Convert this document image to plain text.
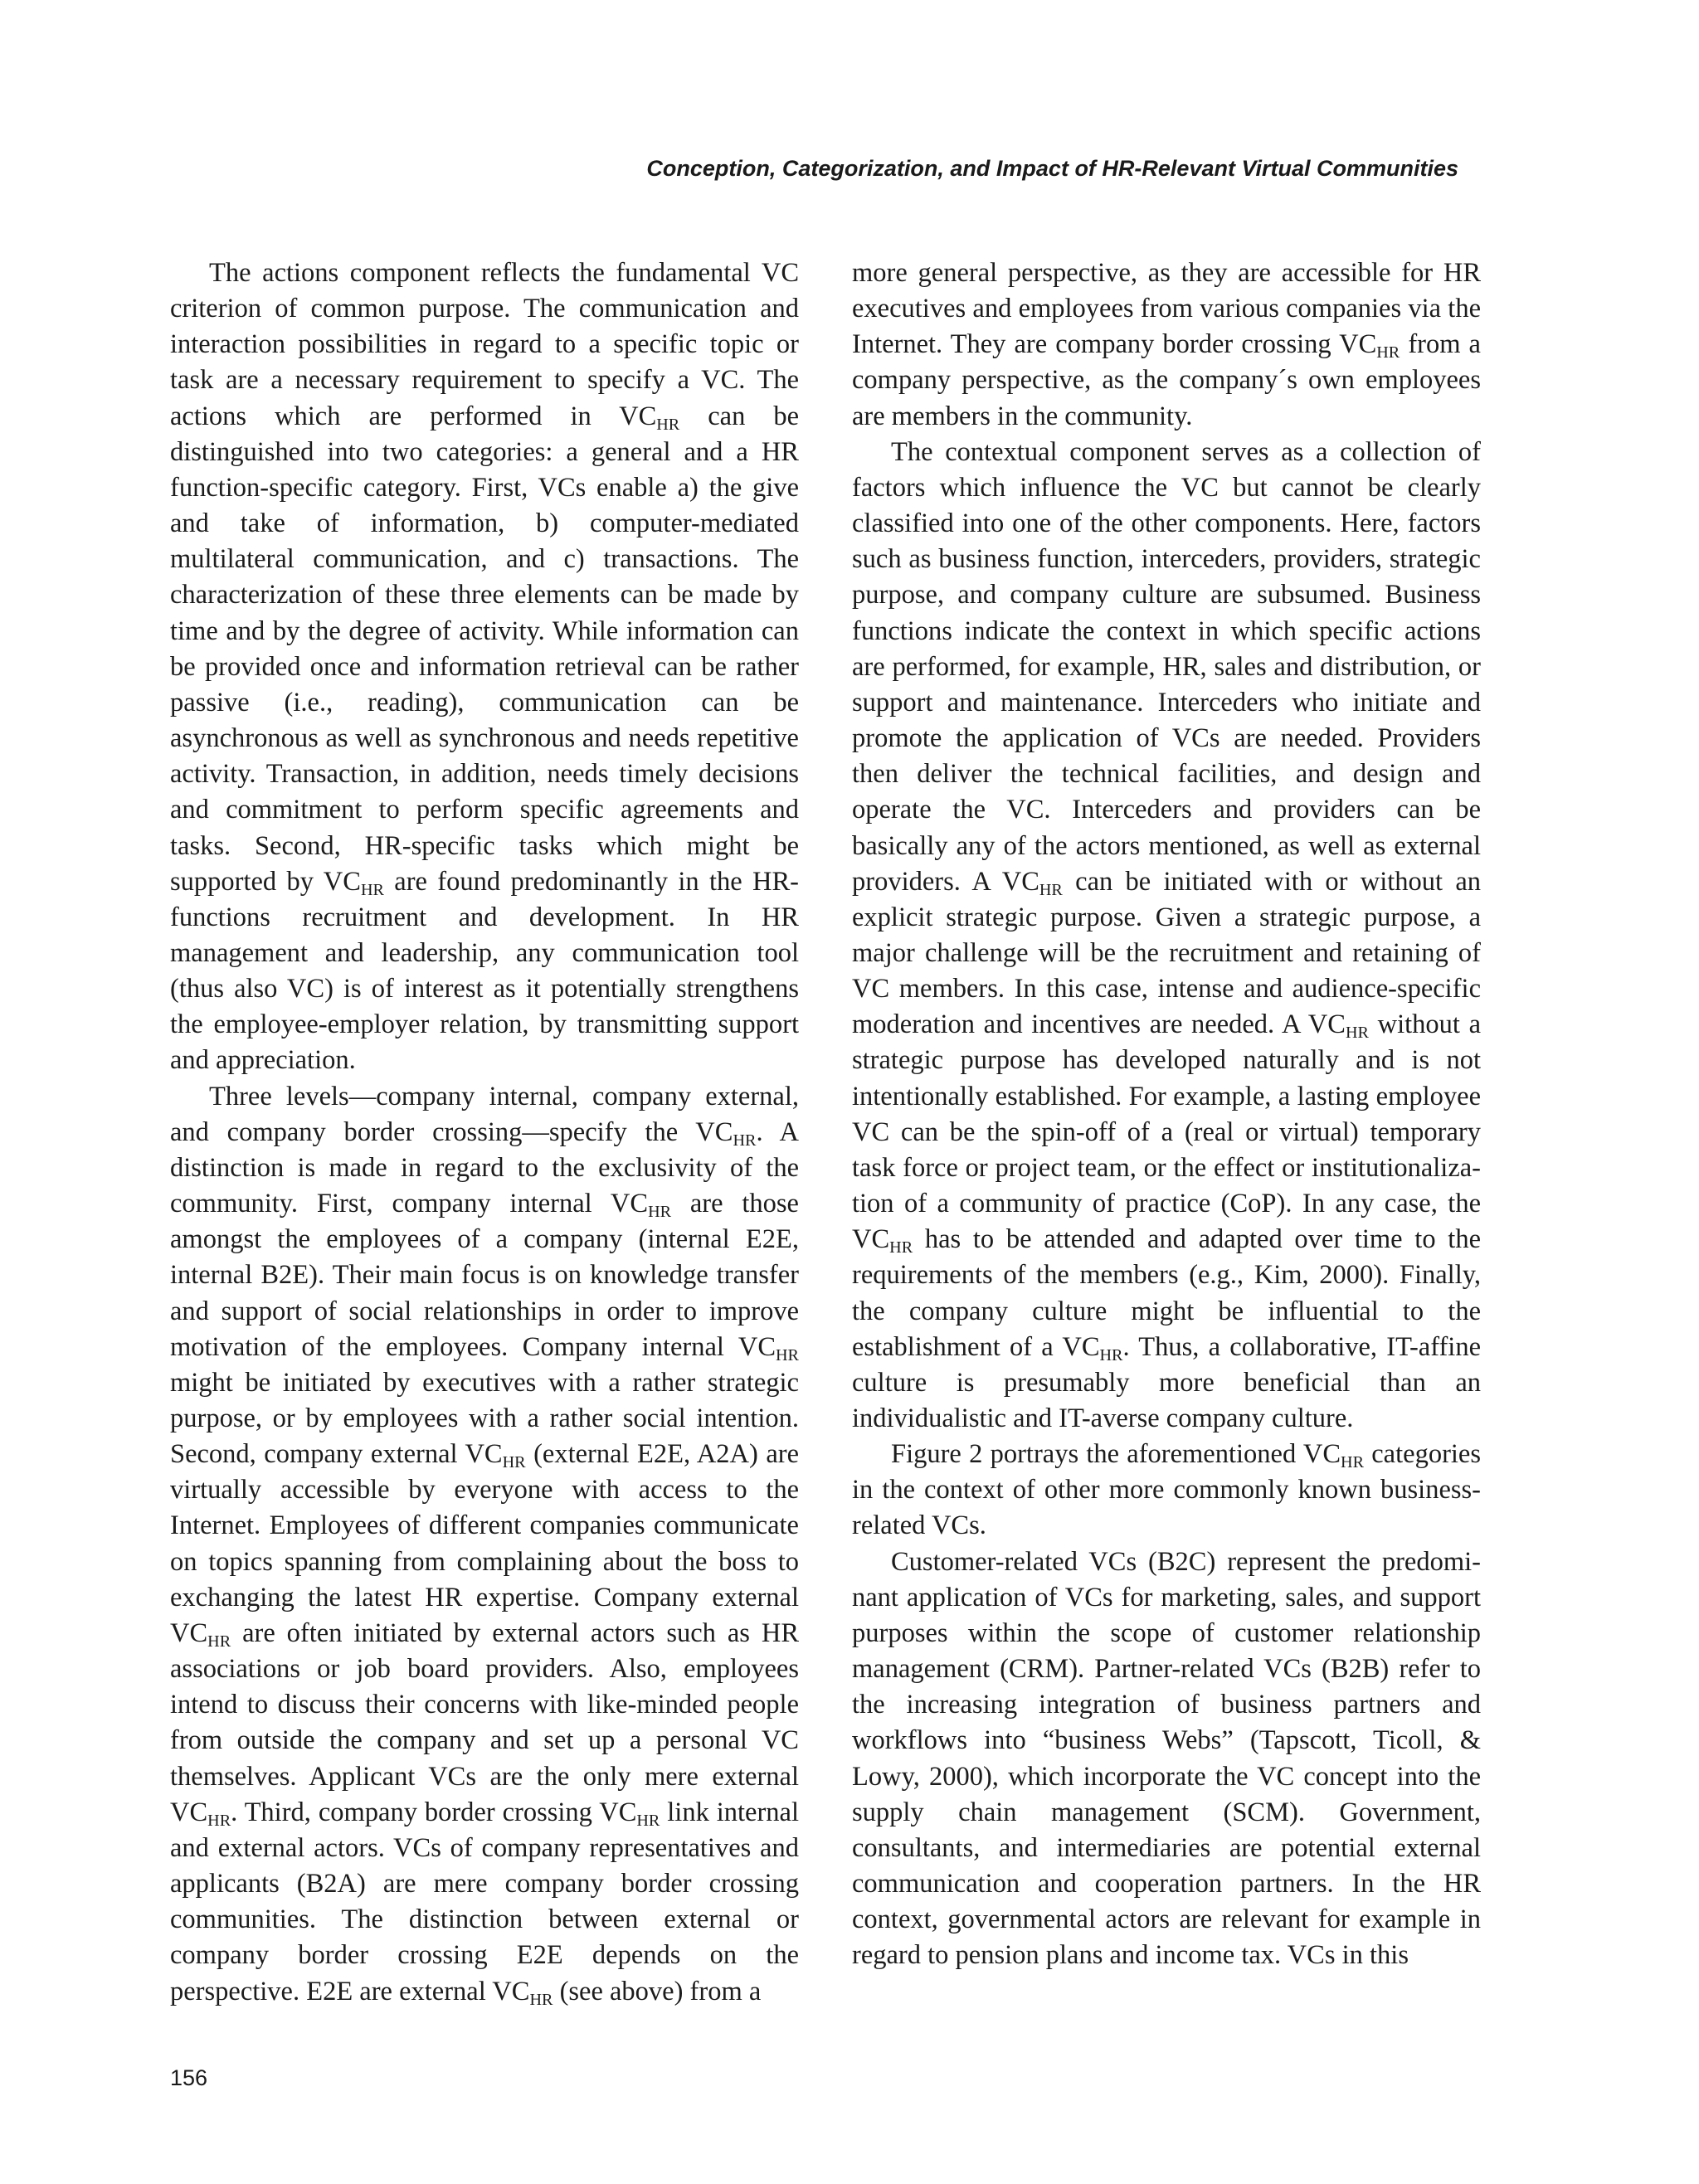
Conception, Categorization, and Impact of HR-Relevant Virtual Communities

The actions component reflects the fundamental VC criterion of common purpose. The communication and interaction possibilities in regard to a specific topic or task are a necessary requirement to specify a VC. The actions which are performed in $VC_{HR}$ can be distinguished into two categories: a general and a HR function-specific category. First, VCs enable a) the give and take of information, b) computer-mediated multilateral communication, and c) transactions. The characterization of these three elements can be made by time and by the degree of activity. While information can be provided once and information retrieval can be rather passive (i.e., reading), communication can be asynchronous as well as synchronous and needs repetitive activity. Transaction, in addition, needs timely decisions and commitment to perform specific agreements and tasks. Second, HR-specific tasks which might be supported by $VC_{HR}$ are found predominantly in the HR-functions recruitment and development. In HR management and leadership, any communication tool (thus also VC) is of interest as it potentially strengthens the employee-employer relation, by transmitting support and appreciation.

Three levels—company internal, company external, and company border crossing—specify the $VC_{HR}$. A distinction is made in regard to the exclusivity of the community. First, company internal $VC_{HR}$ are those amongst the employees of a company (internal E2E, internal B2E). Their main focus is on knowledge transfer and support of social relationships in order to improve motivation of the employees. Company internal $VC_{HR}$ might be initiated by executives with a rather strategic purpose, or by employees with a rather social intention. Second, company external $VC_{HR}$ (external E2E, A2A) are virtually accessible by everyone with access to the Internet. Employees of different companies communicate on topics spanning from complaining about the boss to exchanging the latest HR expertise. Company external $VC_{HR}$ are often initiated by external actors such as HR associations or job board providers. Also, employees intend to discuss their concerns with like-minded people from outside the company and set up a personal VC themselves. Applicant VCs are the only mere external $VC_{HR}$. Third, company border crossing $VC_{HR}$ link internal and external actors. VCs of company representatives and applicants (B2A) are mere company border crossing communities. The distinction between external or company border crossing E2E depends on the perspective. E2E are external $VC_{HR}$ (see above) from a

more general perspective, as they are accessible for HR executives and employees from various companies via the Internet. They are company border crossing $VC_{HR}$ from a company perspective, as the company´s own employees are members in the community.

The contextual component serves as a collection of factors which influence the VC but cannot be clearly classified into one of the other components. Here, factors such as business function, interceders, providers, strategic purpose, and company culture are subsumed. Business functions indicate the context in which specific actions are performed, for example, HR, sales and distribution, or support and maintenance. Interceders who initiate and promote the application of VCs are needed. Providers then deliver the technical facilities, and design and operate the VC. Interceders and providers can be basically any of the actors mentioned, as well as external providers. A $VC_{HR}$ can be initiated with or without an explicit strategic purpose. Given a strategic purpose, a major challenge will be the recruitment and retaining of VC members. In this case, intense and audience-specific moderation and incentives are needed. A $VC_{HR}$ without a strategic purpose has developed naturally and is not intentionally established. For example, a lasting employee VC can be the spin-off of a (real or virtual) temporary task force or project team, or the effect or institutionalization of a community of practice (CoP). In any case, the $VC_{HR}$ has to be attended and adapted over time to the requirements of the members (e.g., Kim, 2000). Finally, the company culture might be influential to the establishment of a $VC_{HR}$. Thus, a collaborative, IT-affine culture is presumably more beneficial than an individualistic and IT-averse company culture.

Figure 2 portrays the aforementioned $VC_{HR}$ categories in the context of other more commonly known business-related VCs.

Customer-related VCs (B2C) represent the predominant application of VCs for marketing, sales, and support purposes within the scope of customer relationship management (CRM). Partner-related VCs (B2B) refer to the increasing integration of business partners and workflows into “business Webs” (Tapscott, Ticoll, & Lowy, 2000), which incorporate the VC concept into the supply chain management (SCM). Government, consultants, and intermediaries are potential external communication and cooperation partners. In the HR context, governmental actors are relevant for example in regard to pension plans and income tax. VCs in this

156
